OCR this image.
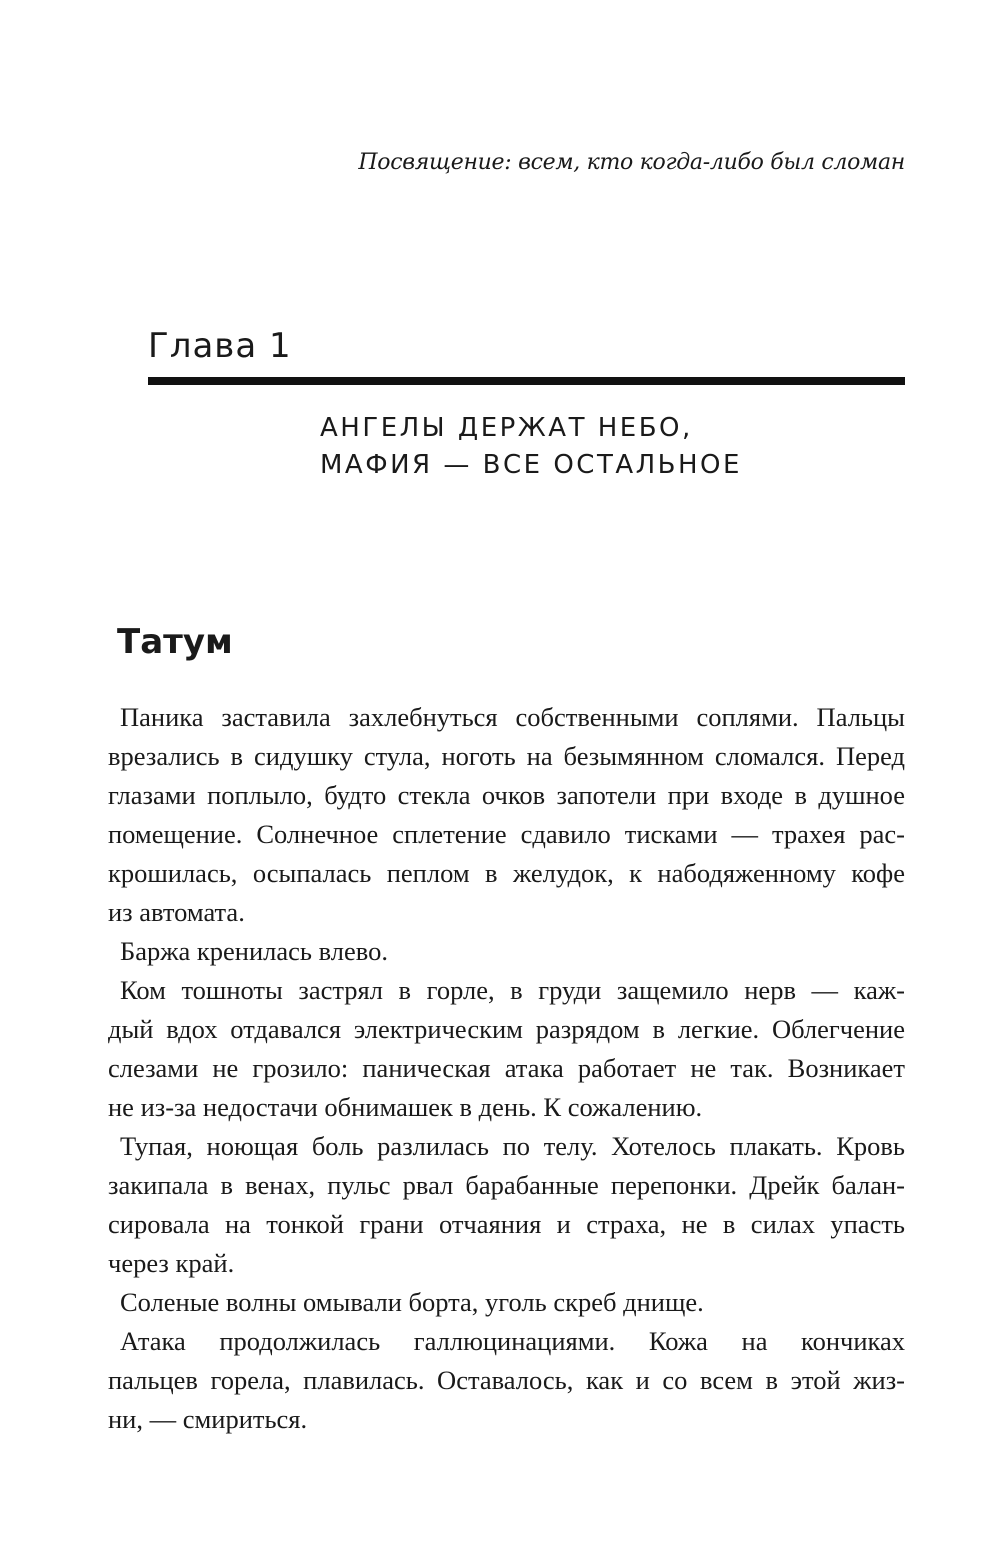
Посвящение: всем, кто когда-либо был сломан
Глава 1
АНГЕЛЫ ДЕРЖАТ НЕБО,
МАФИЯ — ВСЕ ОСТАЛЬНОЕ
Татум
Паника заставила захлебнуться собственными соплями. Пальцы
врезались в сидушку стула, ноготь на безымянном сломался. Перед
глазами поплыло, будто стекла очков запотели при входе в душное
помещение. Солнечное сплетение сдавило тисками — трахея рас-
крошилась, осыпалась пеплом в желудок, к набодяженному кофе
из автомата.
Баржа кренилась влево.
Ком тошноты застрял в горле, в груди защемило нерв — каж-
дый вдох отдавался электрическим разрядом в легкие. Облегчение
слезами не грозило: паническая атака работает не так. Возникает
не из-за недостачи обнимашек в день. К сожалению.
Тупая, ноющая боль разлилась по телу. Хотелось плакать. Кровь
закипала в венах, пульс рвал барабанные перепонки. Дрейк балан-
сировала на тонкой грани отчаяния и страха, не в силах упасть
через край.
Соленые волны омывали борта, уголь скреб днище.
Атака продолжилась галлюцинациями. Кожа на кончиках
пальцев горела, плавилась. Оставалось, как и со всем в этой жиз-
ни, — смириться.
